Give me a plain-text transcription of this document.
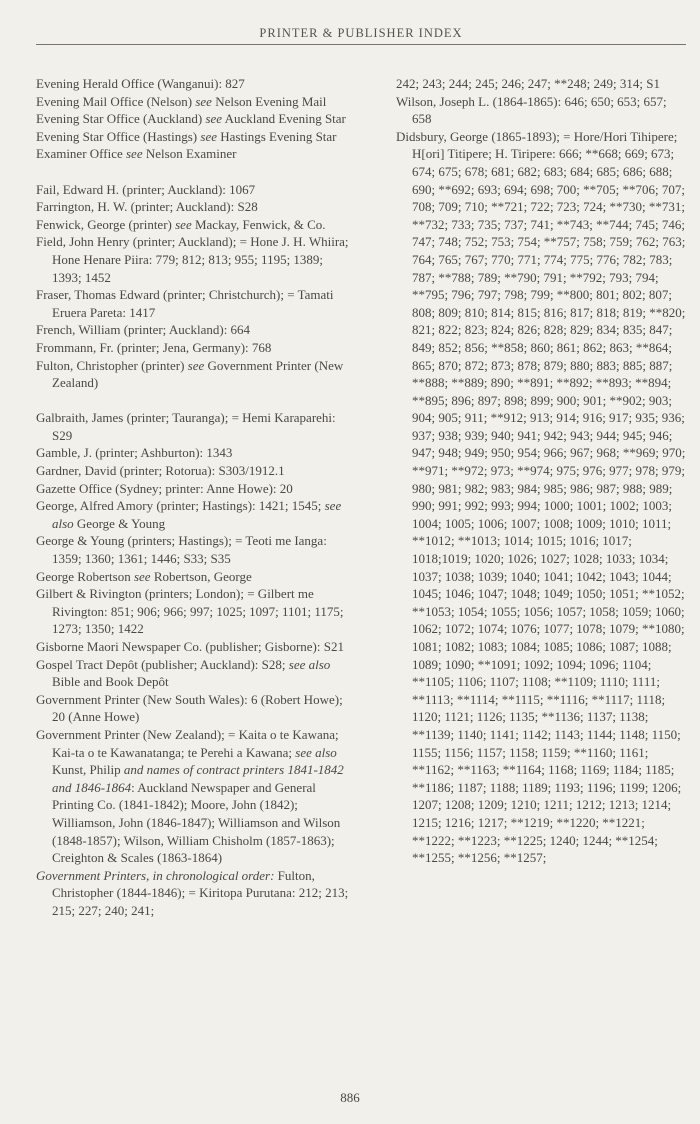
PRINTER & PUBLISHER INDEX

Evening Herald Office (Wanganui): 827

Evening Mail Office (Nelson) see Nelson Evening Mail

Evening Star Office (Auckland) see Auckland Evening Star

Evening Star Office (Hastings) see Hastings Evening Star

Examiner Office see Nelson Examiner

Fail, Edward H. (printer; Auckland): 1067

Farrington, H. W. (printer; Auckland): S28

Fenwick, George (printer) see Mackay, Fenwick, & Co.

Field, John Henry (printer; Auckland); = Hone J. H. Whiira; Hone Henare Piira: 779; 812; 813; 955; 1195; 1389; 1393; 1452

Fraser, Thomas Edward (printer; Christchurch); = Tamati Eruera Pareta: 1417

French, William (printer; Auckland): 664

Frommann, Fr. (printer; Jena, Germany): 768

Fulton, Christopher (printer) see Government Printer (New Zealand)

Galbraith, James (printer; Tauranga); = Hemi Karaparehi: S29

Gamble, J. (printer; Ashburton): 1343

Gardner, David (printer; Rotorua): S303/1912.1

Gazette Office (Sydney; printer: Anne Howe): 20

George, Alfred Amory (printer; Hastings): 1421; 1545; see also George & Young

George & Young (printers; Hastings); = Teoti me Ianga: 1359; 1360; 1361; 1446; S33; S35

George Robertson see Robertson, George

Gilbert & Rivington (printers; London); = Gilbert me Rivington: 851; 906; 966; 997; 1025; 1097; 1101; 1175; 1273; 1350; 1422

Gisborne Maori Newspaper Co. (publisher; Gisborne): S21

Gospel Tract Depôt (publisher; Auckland): S28; see also Bible and Book Depôt

Government Printer (New South Wales): 6 (Robert Howe); 20 (Anne Howe)

Government Printer (New Zealand); = Kaita o te Kawana; Kai-ta o te Kawanatanga; te Perehi a Kawana; see also Kunst, Philip and names of contract printers 1841-1842 and 1846-1864: Auckland Newspaper and General Printing Co. (1841-1842); Moore, John (1842); Williamson, John (1846-1847); Williamson and Wilson (1848-1857); Wilson, William Chisholm (1857-1863); Creighton & Scales (1863-1864)

Government Printers, in chronological order: Fulton, Christopher (1844-1846); = Kiritopa Purutana: 212; 213; 215; 227; 240; 241;

242; 243; 244; 245; 246; 247; **248; 249; 314; S1

Wilson, Joseph L. (1864-1865): 646; 650; 653; 657; 658

Didsbury, George (1865-1893); = Hore/Hori Tihipere; H[ori] Titipere; H. Tiripere: 666; **668; 669; 673; 674; 675; 678; 681; 682; 683; 684; 685; 686; 688; 690; **692; 693; 694; 698; 700; **705; **706; 707; 708; 709; 710; **721; 722; 723; 724; **730; **731; **732; 733; 735; 737; 741; **743; **744; 745; 746; 747; 748; 752; 753; 754; **757; 758; 759; 762; 763; 764; 765; 767; 770; 771; 774; 775; 776; 782; 783; 787; **788; 789; **790; 791; **792; 793; 794; **795; 796; 797; 798; 799; **800; 801; 802; 807; 808; 809; 810; 814; 815; 816; 817; 818; 819; **820; 821; 822; 823; 824; 826; 828; 829; 834; 835; 847; 849; 852; 856; **858; 860; 861; 862; 863; **864; 865; 870; 872; 873; 878; 879; 880; 883; 885; 887; **888; **889; 890; **891; **892; **893; **894; **895; 896; 897; 898; 899; 900; 901; **902; 903; 904; 905; 911; **912; 913; 914; 916; 917; 935; 936; 937; 938; 939; 940; 941; 942; 943; 944; 945; 946; 947; 948; 949; 950; 954; 966; 967; 968; **969; 970; **971; **972; 973; **974; 975; 976; 977; 978; 979; 980; 981; 982; 983; 984; 985; 986; 987; 988; 989; 990; 991; 992; 993; 994; 1000; 1001; 1002; 1003; 1004; 1005; 1006; 1007; 1008; 1009; 1010; 1011; **1012; **1013; 1014; 1015; 1016; 1017; 1018;1019; 1020; 1026; 1027; 1028; 1033; 1034; 1037; 1038; 1039; 1040; 1041; 1042; 1043; 1044; 1045; 1046; 1047; 1048; 1049; 1050; 1051; **1052; **1053; 1054; 1055; 1056; 1057; 1058; 1059; 1060; 1062; 1072; 1074; 1076; 1077; 1078; 1079; **1080; 1081; 1082; 1083; 1084; 1085; 1086; 1087; 1088; 1089; 1090; **1091; 1092; 1094; 1096; 1104; **1105; 1106; 1107; 1108; **1109; 1110; 1111; **1113; **1114; **1115; **1116; **1117; 1118; 1120; 1121; 1126; 1135; **1136; 1137; 1138; **1139; 1140; 1141; 1142; 1143; 1144; 1148; 1150; 1155; 1156; 1157; 1158; 1159; **1160; 1161; **1162; **1163; **1164; 1168; 1169; 1184; 1185; **1186; 1187; 1188; 1189; 1193; 1196; 1199; 1206; 1207; 1208; 1209; 1210; 1211; 1212; 1213; 1214; 1215; 1216; 1217; **1219; **1220; **1221; **1222; **1223; **1225; 1240; 1244; **1254; **1255; **1256; **1257;

886
